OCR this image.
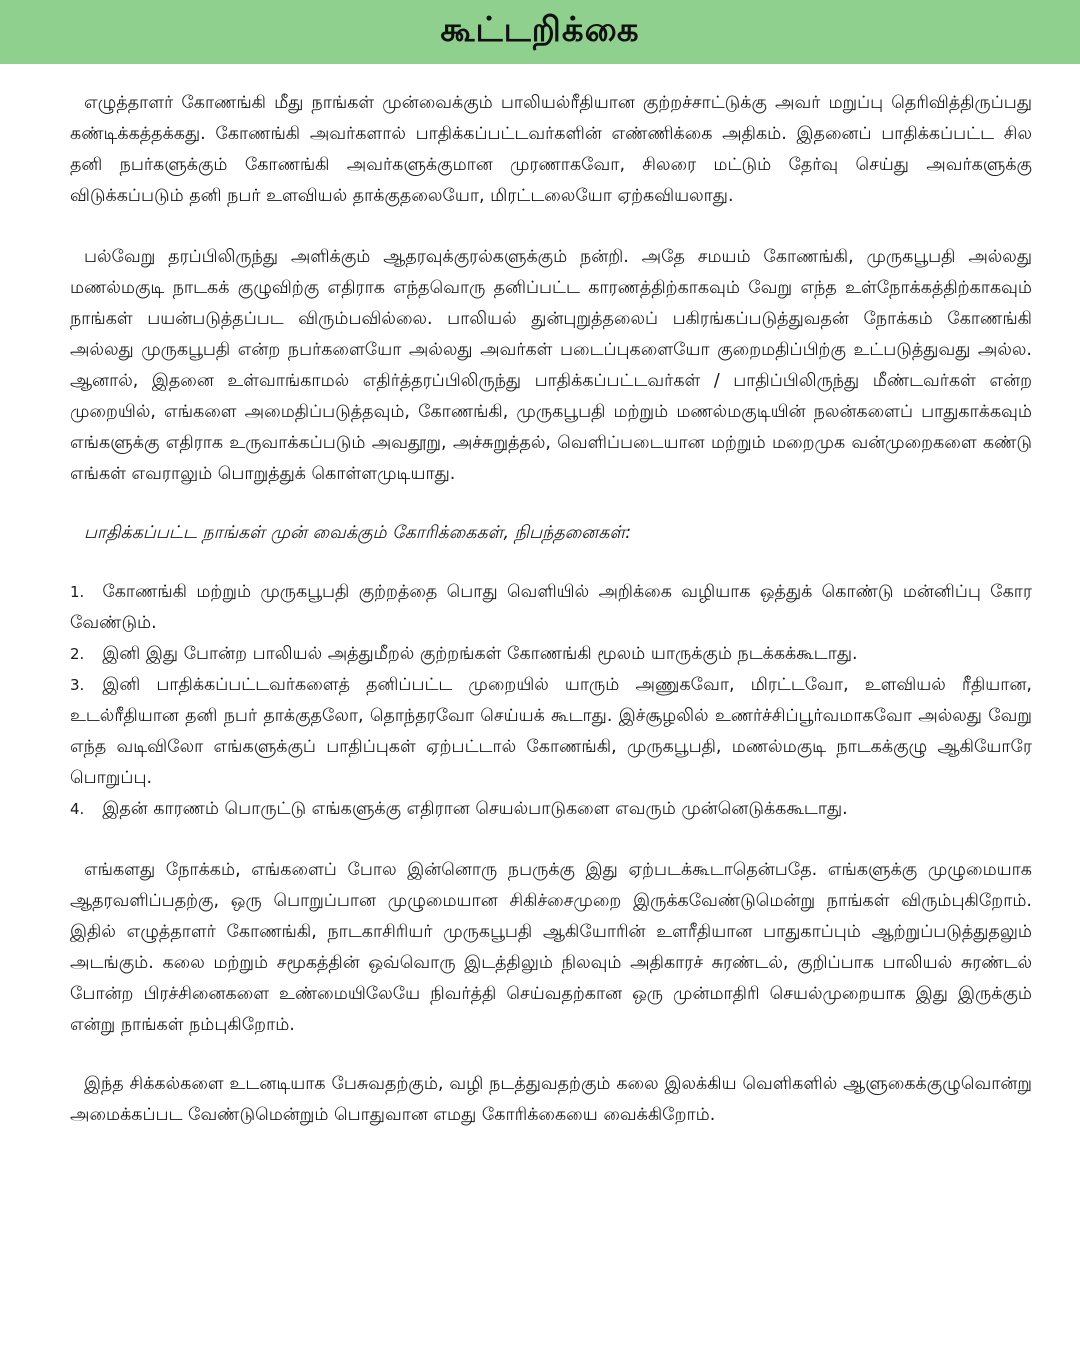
கூட்டறிக்கை

எழுத்தாளர் கோணங்கி மீது நாங்கள் முன்வைக்கும் பாலியல்ரீதியான குற்றச்சாட்டுக்கு அவர் மறுப்பு தெரிவித்திருப்பது கண்டிக்கத்தக்கது. கோணங்கி அவர்களால் பாதிக்கப்பட்டவர்களின் எண்ணிக்கை அதிகம். இதனைப் பாதிக்கப்பட்ட சில தனி நபர்களுக்கும் கோணங்கி அவர்களுக்குமான முரணாகவோ, சிலரை மட்டும் தேர்வு செய்து அவர்களுக்கு விடுக்கப்படும் தனி நபர் உளவியல் தாக்குதலையோ, மிரட்டலையோ ஏற்கவியலாது.

பல்வேறு தரப்பிலிருந்து அளிக்கும் ஆதரவுக்குரல்களுக்கும் நன்றி. அதே சமயம் கோணங்கி, முருகபூபதி அல்லது மணல்மகுடி நாடகக் குழுவிற்கு எதிராக எந்தவொரு தனிப்பட்ட காரணத்திற்காகவும் வேறு எந்த உள்நோக்கத்திற்காகவும் நாங்கள் பயன்படுத்தப்பட விரும்பவில்லை. பாலியல் துன்புறுத்தலைப் பகிரங்கப்படுத்துவதன் நோக்கம் கோணங்கி அல்லது முருகபூபதி என்ற நபர்களையோ அல்லது அவர்கள் படைப்புகளையோ குறைமதிப்பிற்கு உட்படுத்துவது அல்ல. ஆனால், இதனை உள்வாங்காமல் எதிர்த்தரப்பிலிருந்து பாதிக்கப்பட்டவர்கள் / பாதிப்பிலிருந்து மீண்டவர்கள் என்ற முறையில், எங்களை அமைதிப்படுத்தவும், கோணங்கி, முருகபூபதி மற்றும் மணல்மகுடியின் நலன்களைப் பாதுகாக்கவும் எங்களுக்கு எதிராக உருவாக்கப்படும் அவதூறு, அச்சுறுத்தல், வெளிப்படையான மற்றும் மறைமுக வன்முறைகளை கண்டு எங்கள் எவராலும் பொறுத்துக் கொள்ளமுடியாது.

பாதிக்கப்பட்ட நாங்கள் முன் வைக்கும் கோரிக்கைகள், நிபந்தனைகள்:

1. கோணங்கி மற்றும் முருகபூபதி குற்றத்தை பொது வெளியில் அறிக்கை வழியாக ஒத்துக் கொண்டு மன்னிப்பு கோர வேண்டும்.

2. இனி இது போன்ற பாலியல் அத்துமீறல் குற்றங்கள் கோணங்கி மூலம் யாருக்கும் நடக்கக்கூடாது.

3. இனி பாதிக்கப்பட்டவர்களைத் தனிப்பட்ட முறையில் யாரும் அணுகவோ, மிரட்டவோ, உளவியல் ரீதியான, உடல்ரீதியான தனி நபர் தாக்குதலோ, தொந்தரவோ செய்யக் கூடாது. இச்சூழலில் உணர்ச்சிப்பூர்வமாகவோ அல்லது வேறு எந்த வடிவிலோ எங்களுக்குப் பாதிப்புகள் ஏற்பட்டால் கோணங்கி, முருகபூபதி, மணல்மகுடி நாடகக்குழு ஆகியோரே பொறுப்பு.

4. இதன் காரணம் பொருட்டு எங்களுக்கு எதிரான செயல்பாடுகளை எவரும் முன்னெடுக்ககூடாது.

எங்களது நோக்கம், எங்களைப் போல இன்னொரு நபருக்கு இது ஏற்படக்கூடாதென்பதே. எங்களுக்கு முழுமையாக ஆதரவளிப்பதற்கு, ஒரு பொறுப்பான முழுமையான சிகிச்சைமுறை இருக்கவேண்டுமென்று நாங்கள் விரும்புகிறோம். இதில் எழுத்தாளர் கோணங்கி, நாடகாசிரியர் முருகபூபதி ஆகியோரின் உளரீதியான பாதுகாப்பும் ஆற்றுப்படுத்துதலும் அடங்கும். கலை மற்றும் சமூகத்தின் ஒவ்வொரு இடத்திலும் நிலவும் அதிகாரச் சுரண்டல், குறிப்பாக பாலியல் சுரண்டல் போன்ற பிரச்சினைகளை உண்மையிலேயே நிவர்த்தி செய்வதற்கான ஒரு முன்மாதிரி செயல்முறையாக இது இருக்கும் என்று நாங்கள் நம்புகிறோம்.

இந்த சிக்கல்களை உடனடியாக பேசுவதற்கும், வழி நடத்துவதற்கும் கலை இலக்கிய வெளிகளில் ஆளுகைக்குழுவொன்று அமைக்கப்பட வேண்டுமென்றும் பொதுவான எமது கோரிக்கையை வைக்கிறோம்.
